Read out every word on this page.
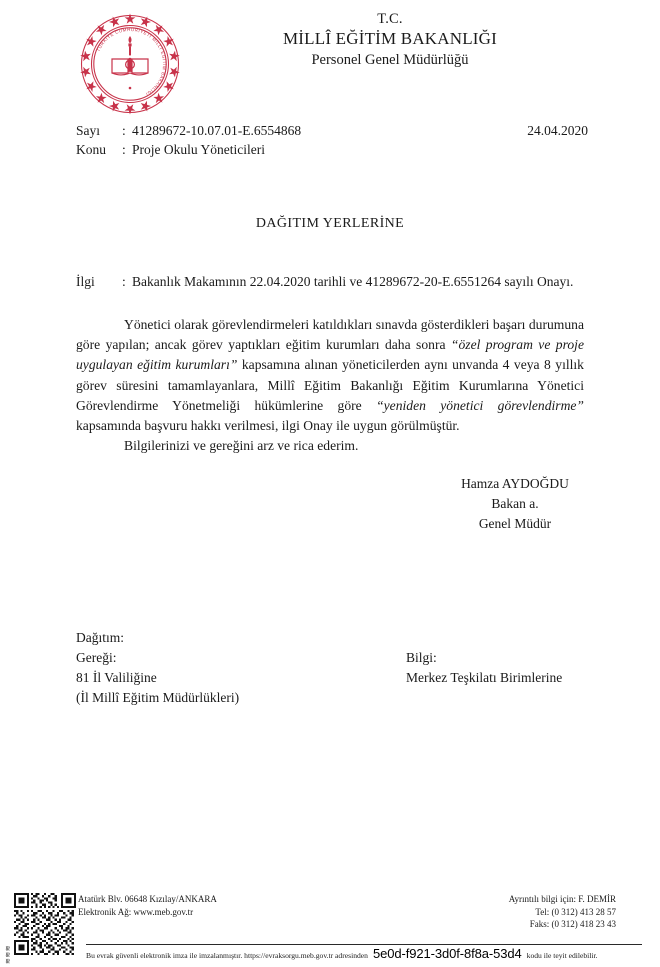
TÜRKİYE CUMHURİYETİ MİLLÎ EĞİTİM BAKANLIĞI
T.C.
MİLLÎ EĞİTİM BAKANLIĞI
Personel Genel Müdürlüğü
Sayı	: 41289672-10.07.01-E.6554868
Konu	: Proje Okulu Yöneticileri
24.04.2020
DAĞITIM YERLERİNE
İlgi	: Bakanlık Makamının 22.04.2020 tarihli ve 41289672-20-E.6551264 sayılı Onayı.

Yönetici olarak görevlendirmeleri katıldıkları sınavda gösterdikleri başarı durumuna göre yapılan; ancak görev yaptıkları eğitim kurumları daha sonra “özel program ve proje uygulayan eğitim kurumları” kapsamına alınan yöneticilerden aynı unvanda 4 veya 8 yıllık görev süresini tamamlayanlara, Millî Eğitim Bakanlığı Eğitim Kurumlarına Yönetici Görevlendirme Yönetmeliği hükümlerine göre “yeniden yönetici görevlendirme” kapsamında başvuru hakkı verilmesi, ilgi Onay ile uygun görülmüştür.

Bilgilerinizi ve gereğini arz ve rica ederim.

Hamza AYDOĞDU
Bakan a.
Genel Müdür
Dağıtım:
Gereği:
81 İl Valiliğine
(İl Millî Eğitim Müdürlükleri)
Bilgi:
Merkez Teşkilatı Birimlerine
≋≋≋
Atatürk Blv. 06648 Kızılay/ANKARA
Elektronik Ağ: www.meb.gov.tr
Ayrıntılı bilgi için: F. DEMİR
Tel: (0 312) 413 28 57
Faks: (0 312) 418 23 43
Bu evrak güvenli elektronik imza ile imzalanmıştır. https://evraksorgu.meb.gov.tr adresinden 5e0d-f921-3d0f-8f8a-53d4 kodu ile teyit edilebilir.
